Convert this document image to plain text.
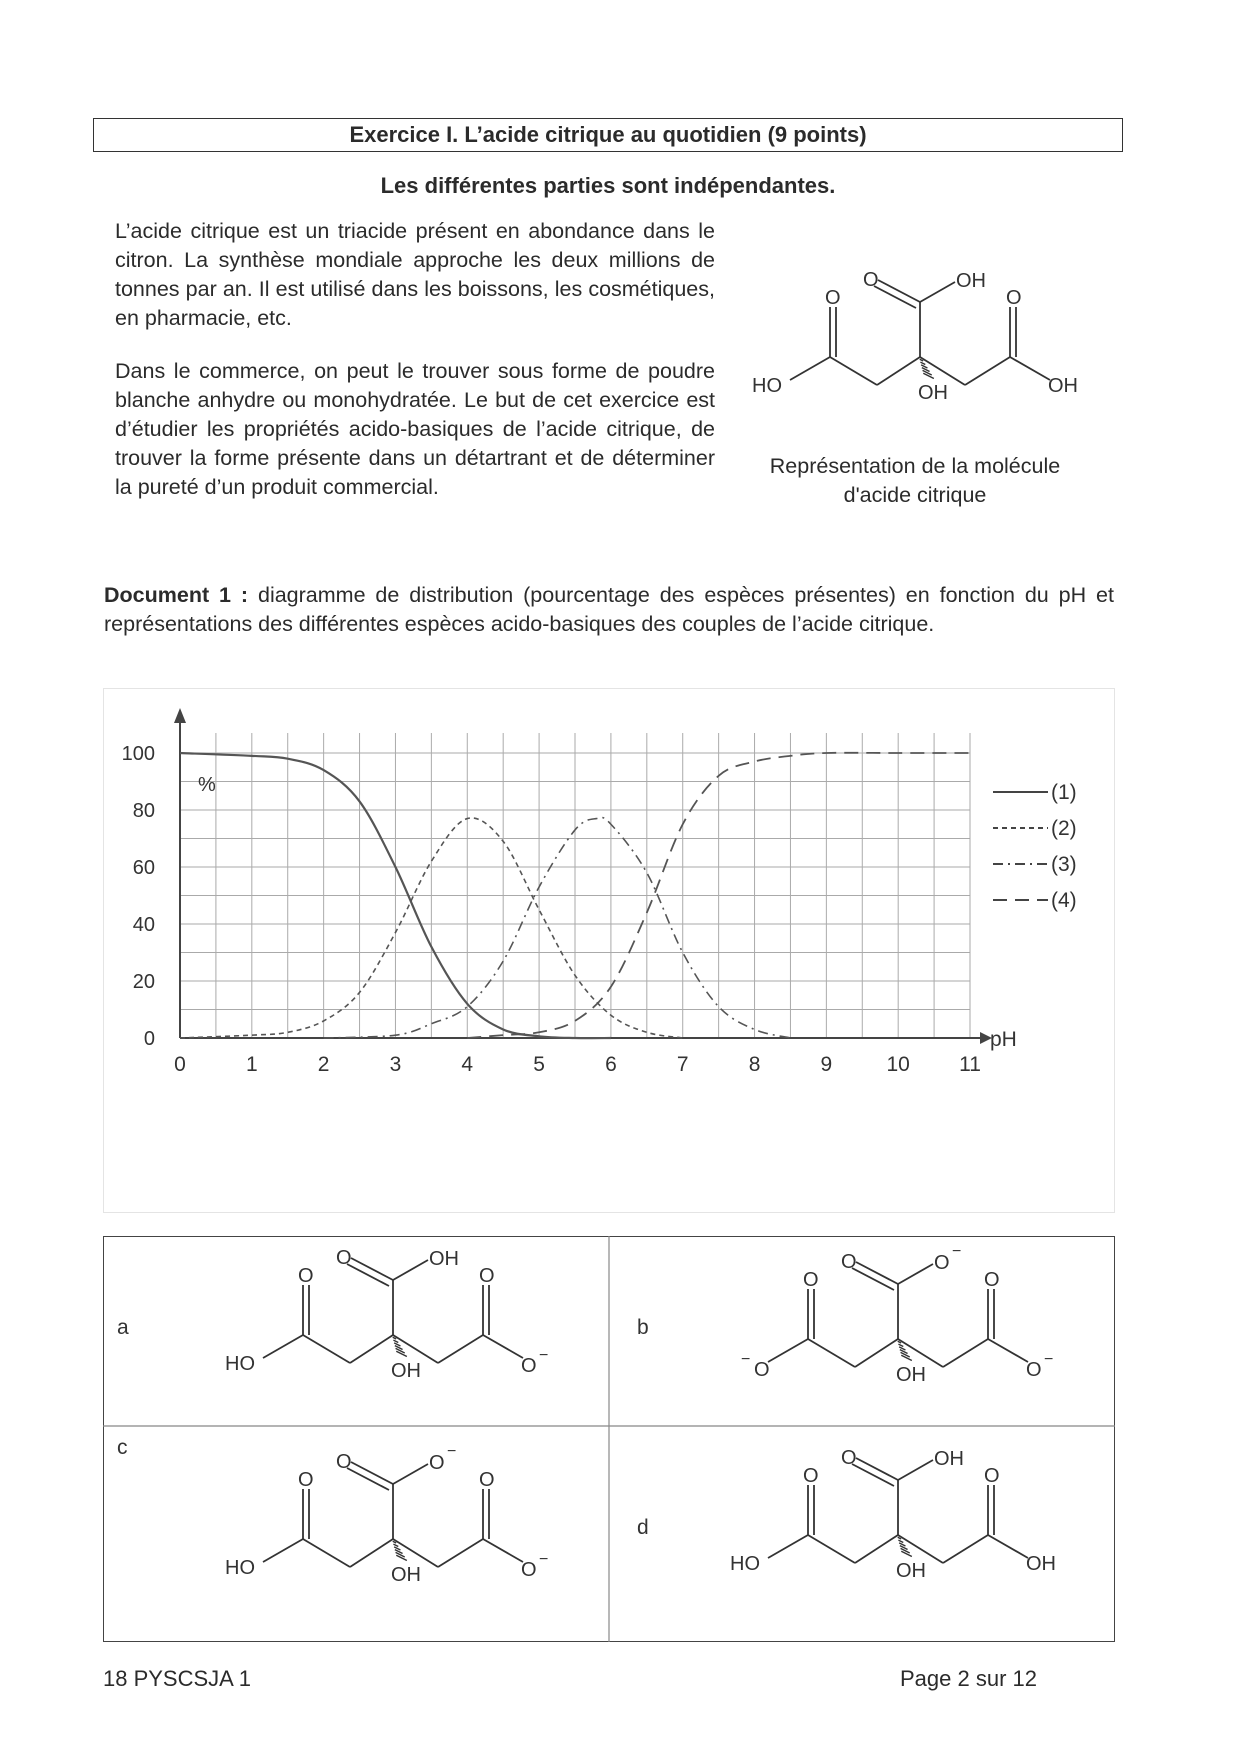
Exercice I. L’acide citrique au quotidien (9 points)
Les différentes parties sont indépendantes.
L’acide citrique est un triacide présent en abondance dans le citron. La synthèse mondiale approche les deux millions de tonnes par an. Il est utilisé dans les boissons, les cosmétiques, en pharmacie, etc.
Dans le commerce, on peut le trouver sous forme de poudre blanche anhydre ou monohydratée. Le but de cet exercice est d’étudier les propriétés acido-basiques de l’acide citrique, de trouver la forme présente dans un détartrant et de déterminer la pureté d’un produit commercial.
O	OH
O	O
HO	OH
OH
Représentation de la molécule
d'acide citrique
Document 1 : diagramme de distribution (pourcentage des espèces présentes) en fonction du pH et représentations des différentes espèces acido-basiques des couples de l’acide citrique.
0	1	2	3	4	5	6	7	8	9	10 11
0
20
40
60
80
100
pH
%	(1)
(2)
(3)
(4)
a
O	OH
O	O
HO	O −
OH
b
O	O
−
O	O
O
−	O −
OH
c
O	O
−
O	O
HO	O −
OH
d
O	OH
O	O
HO	OH
OH
18 PYSCSJA 1	Page 2 sur 12
